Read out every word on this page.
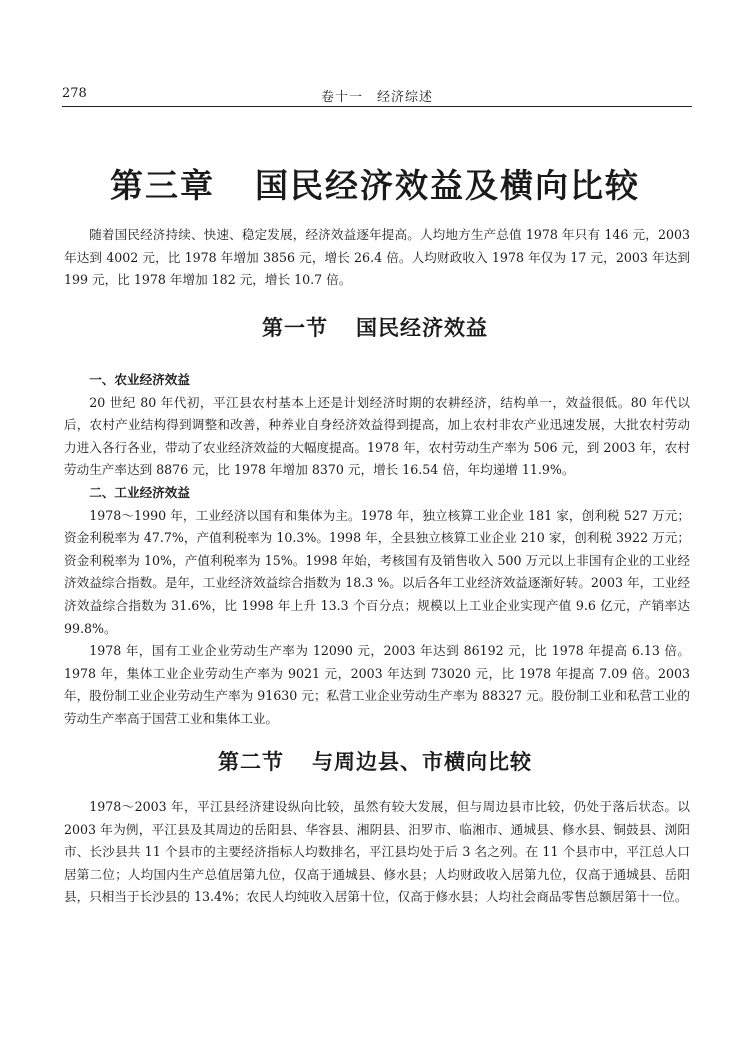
278	卷十一　经济综述
第三章 国民经济效益及横向比较

随着国民经济持续、快速、稳定发展，经济效益逐年提高。人均地方生产总值 1978 年只有 146 元，2003 年达到 4002 元，比 1978 年增加 3856 元，增长 26.4 倍。人均财政收入 1978 年仅为 17 元，2003 年达到 199 元，比 1978 年增加 182 元，增长 10.7 倍。

第一节 国民经济效益
一、农业经济效益

20 世纪 80 年代初，平江县农村基本上还是计划经济时期的农耕经济，结构单一，效益很低。80 年代以后，农村产业结构得到调整和改善，种养业自身经济效益得到提高，加上农村非农产业迅速发展，大批农村劳动力进入各行各业，带动了农业经济效益的大幅度提高。1978 年，农村劳动生产率为 506 元，到 2003 年，农村劳动生产率达到 8876 元，比 1978 年增加 8370 元，增长 16.54 倍，年均递增 11.9%。

二、工业经济效益

1978～1990 年，工业经济以国有和集体为主。1978 年，独立核算工业企业 181 家，创利税 527 万元；资金利税率为 47.7%，产值利税率为 10.3%。1998 年，全县独立核算工业企业 210 家，创利税 3922 万元；资金利税率为 10%，产值利税率为 15%。1998 年始，考核国有及销售收入 500 万元以上非国有企业的工业经济效益综合指数。是年，工业经济效益综合指数为 18.3 %。以后各年工业经济效益逐渐好转。2003 年，工业经济效益综合指数为 31.6%，比 1998 年上升 13.3 个百分点；规模以上工业企业实现产值 9.6 亿元，产销率达 99.8%。

1978 年，国有工业企业劳动生产率为 12090 元，2003 年达到 86192 元，比 1978 年提高 6.13 倍。1978 年，集体工业企业劳动生产率为 9021 元，2003 年达到 73020 元，比 1978 年提高 7.09 倍。2003 年，股份制工业企业劳动生产率为 91630 元；私营工业企业劳动生产率为 88327 元。股份制工业和私营工业的劳动生产率高于国营工业和集体工业。

第二节 与周边县、市横向比较

1978～2003 年，平江县经济建设纵向比较，虽然有较大发展，但与周边县市比较，仍处于落后状态。以 2003 年为例，平江县及其周边的岳阳县、华容县、湘阴县、汨罗市、临湘市、通城县、修水县、铜鼓县、浏阳市、长沙县共 11 个县市的主要经济指标人均数排名，平江县均处于后 3 名之列。在 11 个县市中，平江总人口居第二位；人均国内生产总值居第九位，仅高于通城县、修水县；人均财政收入居第九位，仅高于通城县、岳阳县，只相当于长沙县的 13.4%；农民人均纯收入居第十位，仅高于修水县；人均社会商品零售总额居第十一位。
